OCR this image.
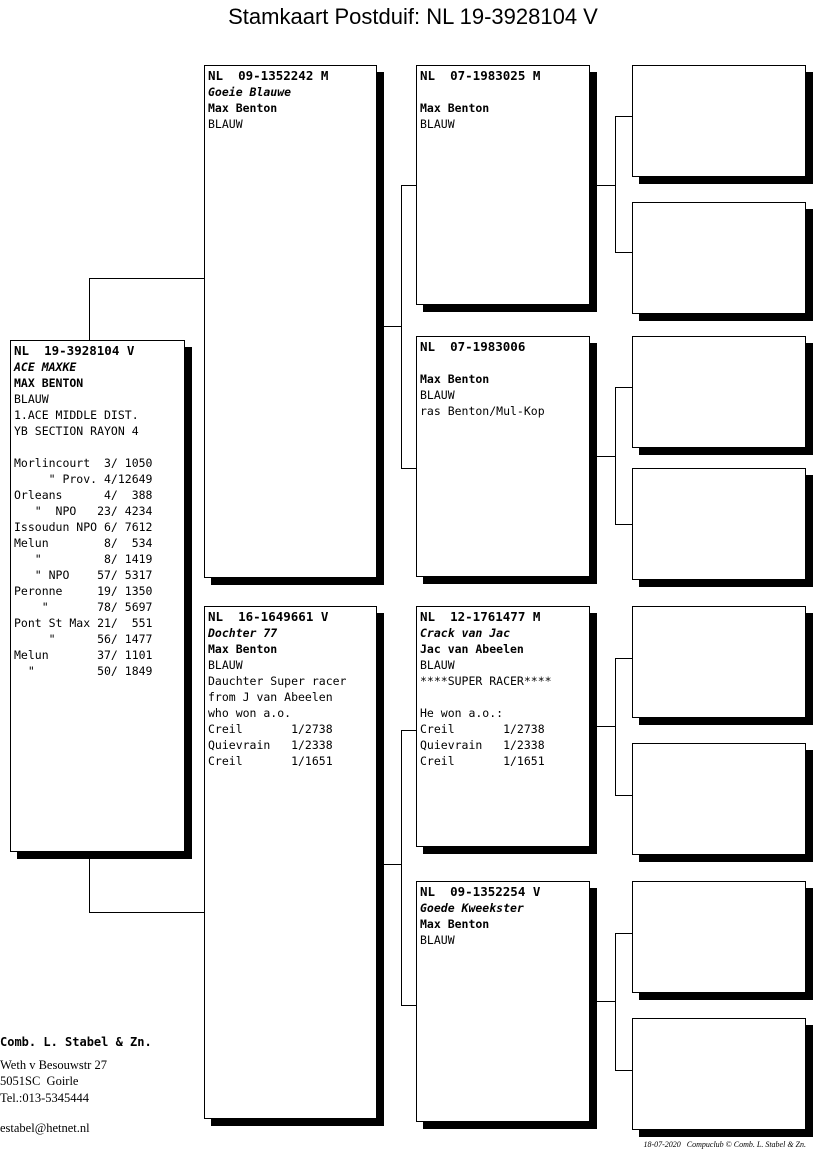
Stamkaart Postduif: NL 19-3928104 V
NL  19-3928104 V
ACE MAXKE
MAX BENTON
BLAUW
1.ACE MIDDLE DIST.
YB SECTION RAYON 4
Morlincourt  3/ 1050
" Prov. 4/12649
Orleans      4/  388
"  NPO   23/ 4234
Issoudun NPO 6/ 7612
Melun        8/  534
"         8/ 1419
" NPO    57/ 5317
Peronne     19/ 1350
"       78/ 5697
Pont St Max 21/  551
"      56/ 1477
Melun       37/ 1101
"         50/ 1849
NL  09-1352242 M
Goeie Blauwe
Max Benton
BLAUW
NL  16-1649661 V
Dochter 77
Max Benton
BLAUW
Dauchter Super racer
from J van Abeelen
who won a.o.
Creil       1/2738
Quievrain   1/2338
Creil       1/1651
NL  07-1983025 M
Max Benton
BLAUW
NL  07-1983006
Max Benton
BLAUW
ras Benton/Mul-Kop
NL  12-1761477 M
Crack van Jac
Jac van Abeelen
BLAUW
****SUPER RACER****
He won a.o.:
Creil       1/2738
Quievrain   1/2338
Creil       1/1651
NL  09-1352254 V
Goede Kweekster
Max Benton
BLAUW
Comb. L. Stabel & Zn.
Weth v Besouwstr 27
5051SC  Goirle
Tel.:013-5345444
estabel@hetnet.nl
18-07-2020   Compuclub © Comb. L. Stabel & Zn.
